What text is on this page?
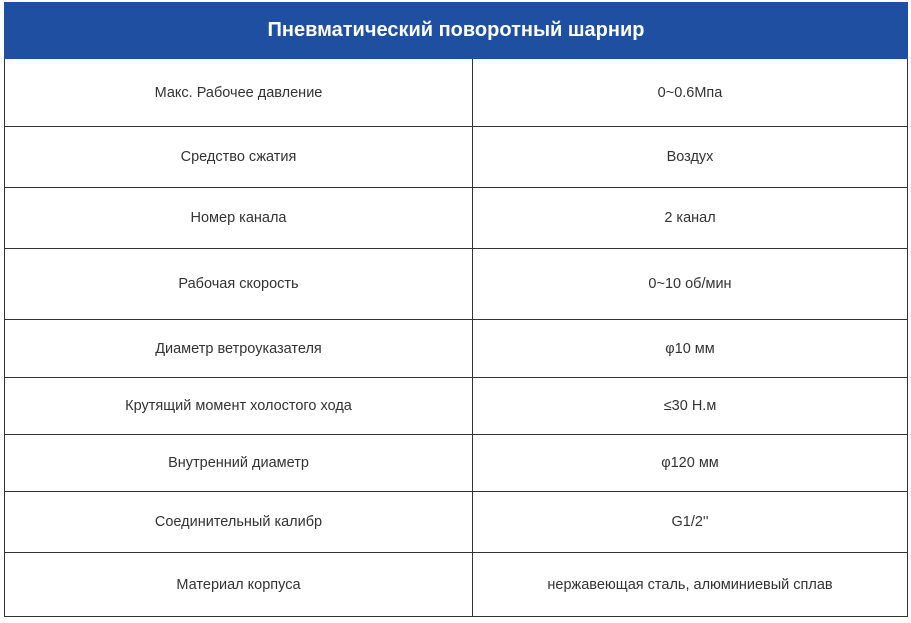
Пневматический поворотный шарнир	
Макс. Рабочее давление	0~0.6Мпа
Средство сжатия	Воздух
Номер канала	2 канал
Рабочая скорость	0~10 об/мин
Диаметр ветроуказателя	φ10 мм
Крутящий момент холостого хода	≤30 Н.м
Внутренний диаметр	φ120 мм
Соединительный калибр	G1/2''
Материал корпуса	нержавеющая сталь, алюминиевый сплав
